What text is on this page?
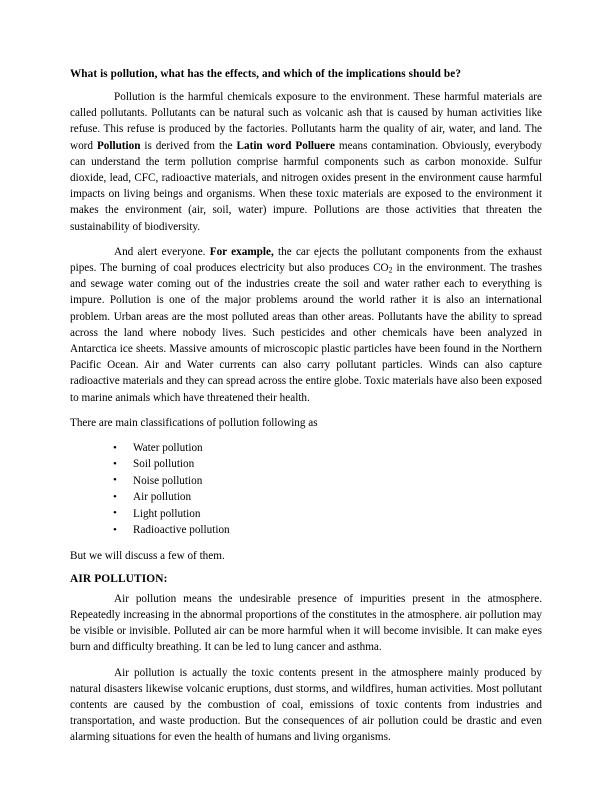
What is pollution, what has the effects, and which of the implications should be?

Pollution is the harmful chemicals exposure to the environment. These harmful materials are called pollutants. Pollutants can be natural such as volcanic ash that is caused by human activities like refuse. This refuse is produced by the factories. Pollutants harm the quality of air, water, and land. The word Pollution is derived from the Latin word Polluere means contamination. Obviously, everybody can understand the term pollution comprise harmful components such as carbon monoxide. Sulfur dioxide, lead, CFC, radioactive materials, and nitrogen oxides present in the environment cause harmful impacts on living beings and organisms. When these toxic materials are exposed to the environment it makes the environment (air, soil, water) impure. Pollutions are those activities that threaten the sustainability of biodiversity.

And alert everyone. For example, the car ejects the pollutant components from the exhaust pipes. The burning of coal produces electricity but also produces $CO_2$ in the environment. The trashes and sewage water coming out of the industries create the soil and water rather each to everything is impure. Pollution is one of the major problems around the world rather it is also an international problem. Urban areas are the most polluted areas than other areas. Pollutants have the ability to spread across the land where nobody lives. Such pesticides and other chemicals have been analyzed in Antarctica ice sheets. Massive amounts of microscopic plastic particles have been found in the Northern Pacific Ocean. Air and Water currents can also carry pollutant particles. Winds can also capture radioactive materials and they can spread across the entire globe. Toxic materials have also been exposed to marine animals which have threatened their health.

There are main classifications of pollution following as

• Water pollution
• Soil pollution
• Noise pollution
• Air pollution
• Light pollution
• Radioactive pollution

But we will discuss a few of them.

AIR POLLUTION:

Air pollution means the undesirable presence of impurities present in the atmosphere. Repeatedly increasing in the abnormal proportions of the constitutes in the atmosphere. air pollution may be visible or invisible. Polluted air can be more harmful when it will become invisible. It can make eyes burn and difficulty breathing. It can be led to lung cancer and asthma.

Air pollution is actually the toxic contents present in the atmosphere mainly produced by natural disasters likewise volcanic eruptions, dust storms, and wildfires, human activities. Most pollutant contents are caused by the combustion of coal, emissions of toxic contents from industries and transportation, and waste production. But the consequences of air pollution could be drastic and even alarming situations for even the health of humans and living organisms.
